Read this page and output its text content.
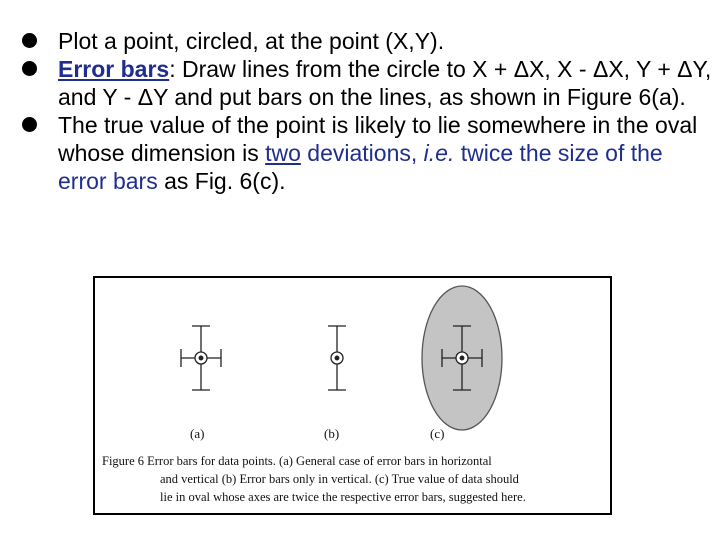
Plot a point, circled, at the point (X,Y).
Error bars: Draw lines from the circle to X + ΔX, X - ΔX, Y + ΔY, and Y - ΔY and put bars on the lines, as shown in Figure 6(a).
The true value of the point is likely to lie somewhere in the oval whose dimension is two deviations, i.e. twice the size of the error bars as Fig. 6(c).
(a)	(b)	(c)
Figure 6 Error bars for data points. (a) General case of error bars in horizontal
and vertical (b) Error bars only in vertical. (c) True value of data should
lie in oval whose axes are twice the respective error bars, suggested here.
